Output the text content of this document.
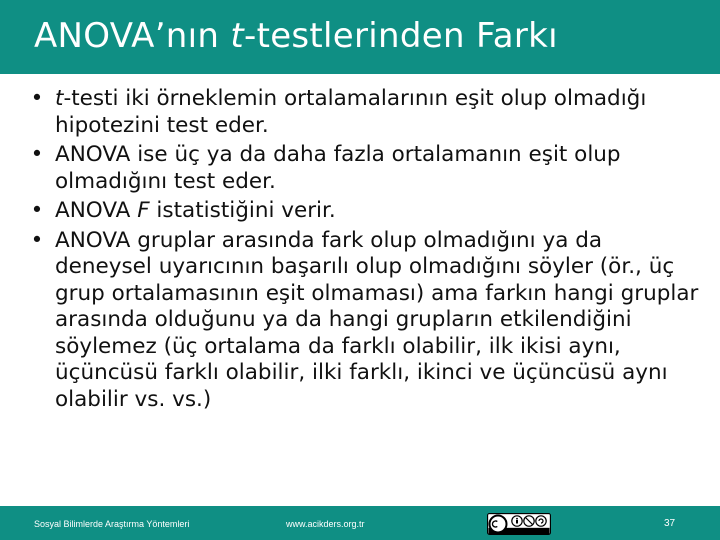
ANOVA’nın t-testlerinden Farkı
• t-testi iki örneklemin ortalamalarının eşit olup olmadığı hipotezini test eder.
• ANOVA ise üç ya da daha fazla ortalamanın eşit olup olmadığını test eder.
• ANOVA F istatistiğini verir.
• ANOVA gruplar arasında fark olup olmadığını ya da deneysel uyarıcının başarılı olup olmadığını söyler (ör., üç grup ortalamasının eşit olmaması) ama farkın hangi gruplar arasında olduğunu ya da hangi grupların etkilendiğini söylemez (üç ortalama da farklı olabilir, ilk ikisi aynı, üçüncüsü farklı olabilir, ilki farklı, ikinci ve üçüncüsü aynı olabilir vs. vs.)
Sosyal Bilimlerde Araştırma Yöntemleri	www.acikders.org.tr	37
